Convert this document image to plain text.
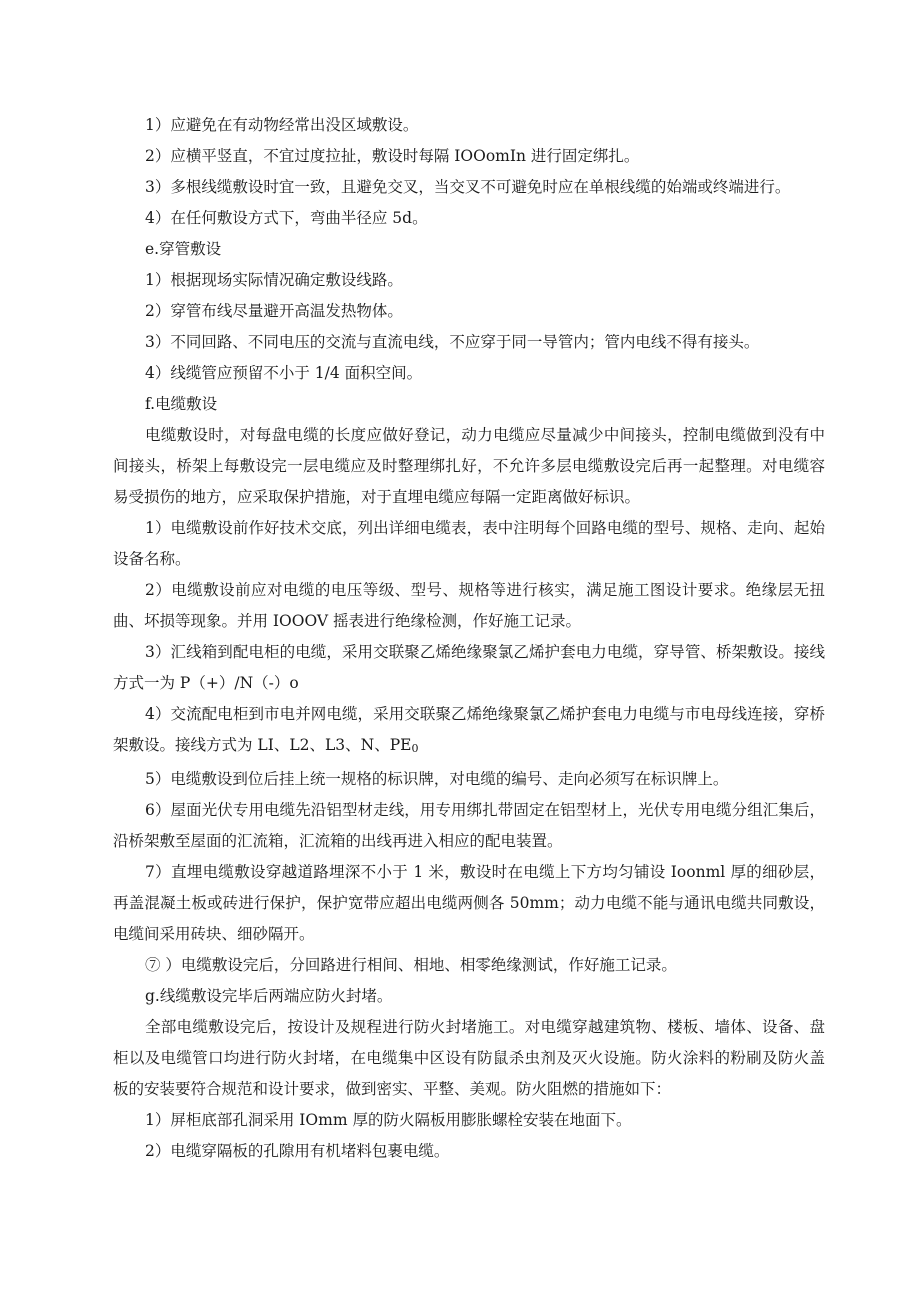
1）应避免在有动物经常出没区域敷设。

2）应横平竖直，不宜过度拉扯，敷设时每隔 IOOomIn 进行固定绑扎。

3）多根线缆敷设时宜一致，且避免交叉，当交叉不可避免时应在单根线缆的始端或终端进行。

4）在任何敷设方式下，弯曲半径应 5d。

e.穿管敷设

1）根据现场实际情况确定敷设线路。

2）穿管布线尽量避开高温发热物体。

3）不同回路、不同电压的交流与直流电线，不应穿于同一导管内；管内电线不得有接头。

4）线缆管应预留不小于 1/4 面积空间。

f.电缆敷设

电缆敷设时，对每盘电缆的长度应做好登记，动力电缆应尽量减少中间接头，控制电缆做到没有中间接头，桥架上每敷设完一层电缆应及时整理绑扎好，不允许多层电缆敷设完后再一起整理。对电缆容易受损伤的地方，应采取保护措施，对于直埋电缆应每隔一定距离做好标识。

1）电缆敷设前作好技术交底，列出详细电缆表，表中注明每个回路电缆的型号、规格、走向、起始设备名称。

2）电缆敷设前应对电缆的电压等级、型号、规格等进行核实，满足施工图设计要求。绝缘层无扭曲、坏损等现象。并用 IOOOV 摇表进行绝缘检测，作好施工记录。

3）汇线箱到配电柜的电缆，采用交联聚乙烯绝缘聚氯乙烯护套电力电缆，穿导管、桥架敷设。接线方式一为 P（+）/N（-）o

4）交流配电柜到市电并网电缆，采用交联聚乙烯绝缘聚氯乙烯护套电力电缆与市电母线连接，穿桥架敷设。接线方式为 LI、L2、L3、N、PE0

5）电缆敷设到位后挂上统一规格的标识牌，对电缆的编号、走向必须写在标识牌上。

6）屋面光伏专用电缆先沿铝型材走线，用专用绑扎带固定在铝型材上，光伏专用电缆分组汇集后，沿桥架敷至屋面的汇流箱，汇流箱的出线再进入相应的配电装置。

7）直埋电缆敷设穿越道路埋深不小于 1 米，敷设时在电缆上下方均匀铺设 Ioonml 厚的细砂层，再盖混凝土板或砖进行保护，保护宽带应超出电缆两侧各 50mm；动力电缆不能与通讯电缆共同敷设，电缆间采用砖块、细砂隔开。

⑦ ）电缆敷设完后，分回路进行相间、相地、相零绝缘测试，作好施工记录。

g.线缆敷设完毕后两端应防火封堵。

全部电缆敷设完后，按设计及规程进行防火封堵施工。对电缆穿越建筑物、楼板、墙体、设备、盘柜以及电缆管口均进行防火封堵，在电缆集中区设有防鼠杀虫剂及灭火设施。防火涂料的粉刷及防火盖板的安装要符合规范和设计要求，做到密实、平整、美观。防火阻燃的措施如下：

1）屏柜底部孔洞采用 IOmm 厚的防火隔板用膨胀螺栓安装在地面下。

2）电缆穿隔板的孔隙用有机堵料包裹电缆。
